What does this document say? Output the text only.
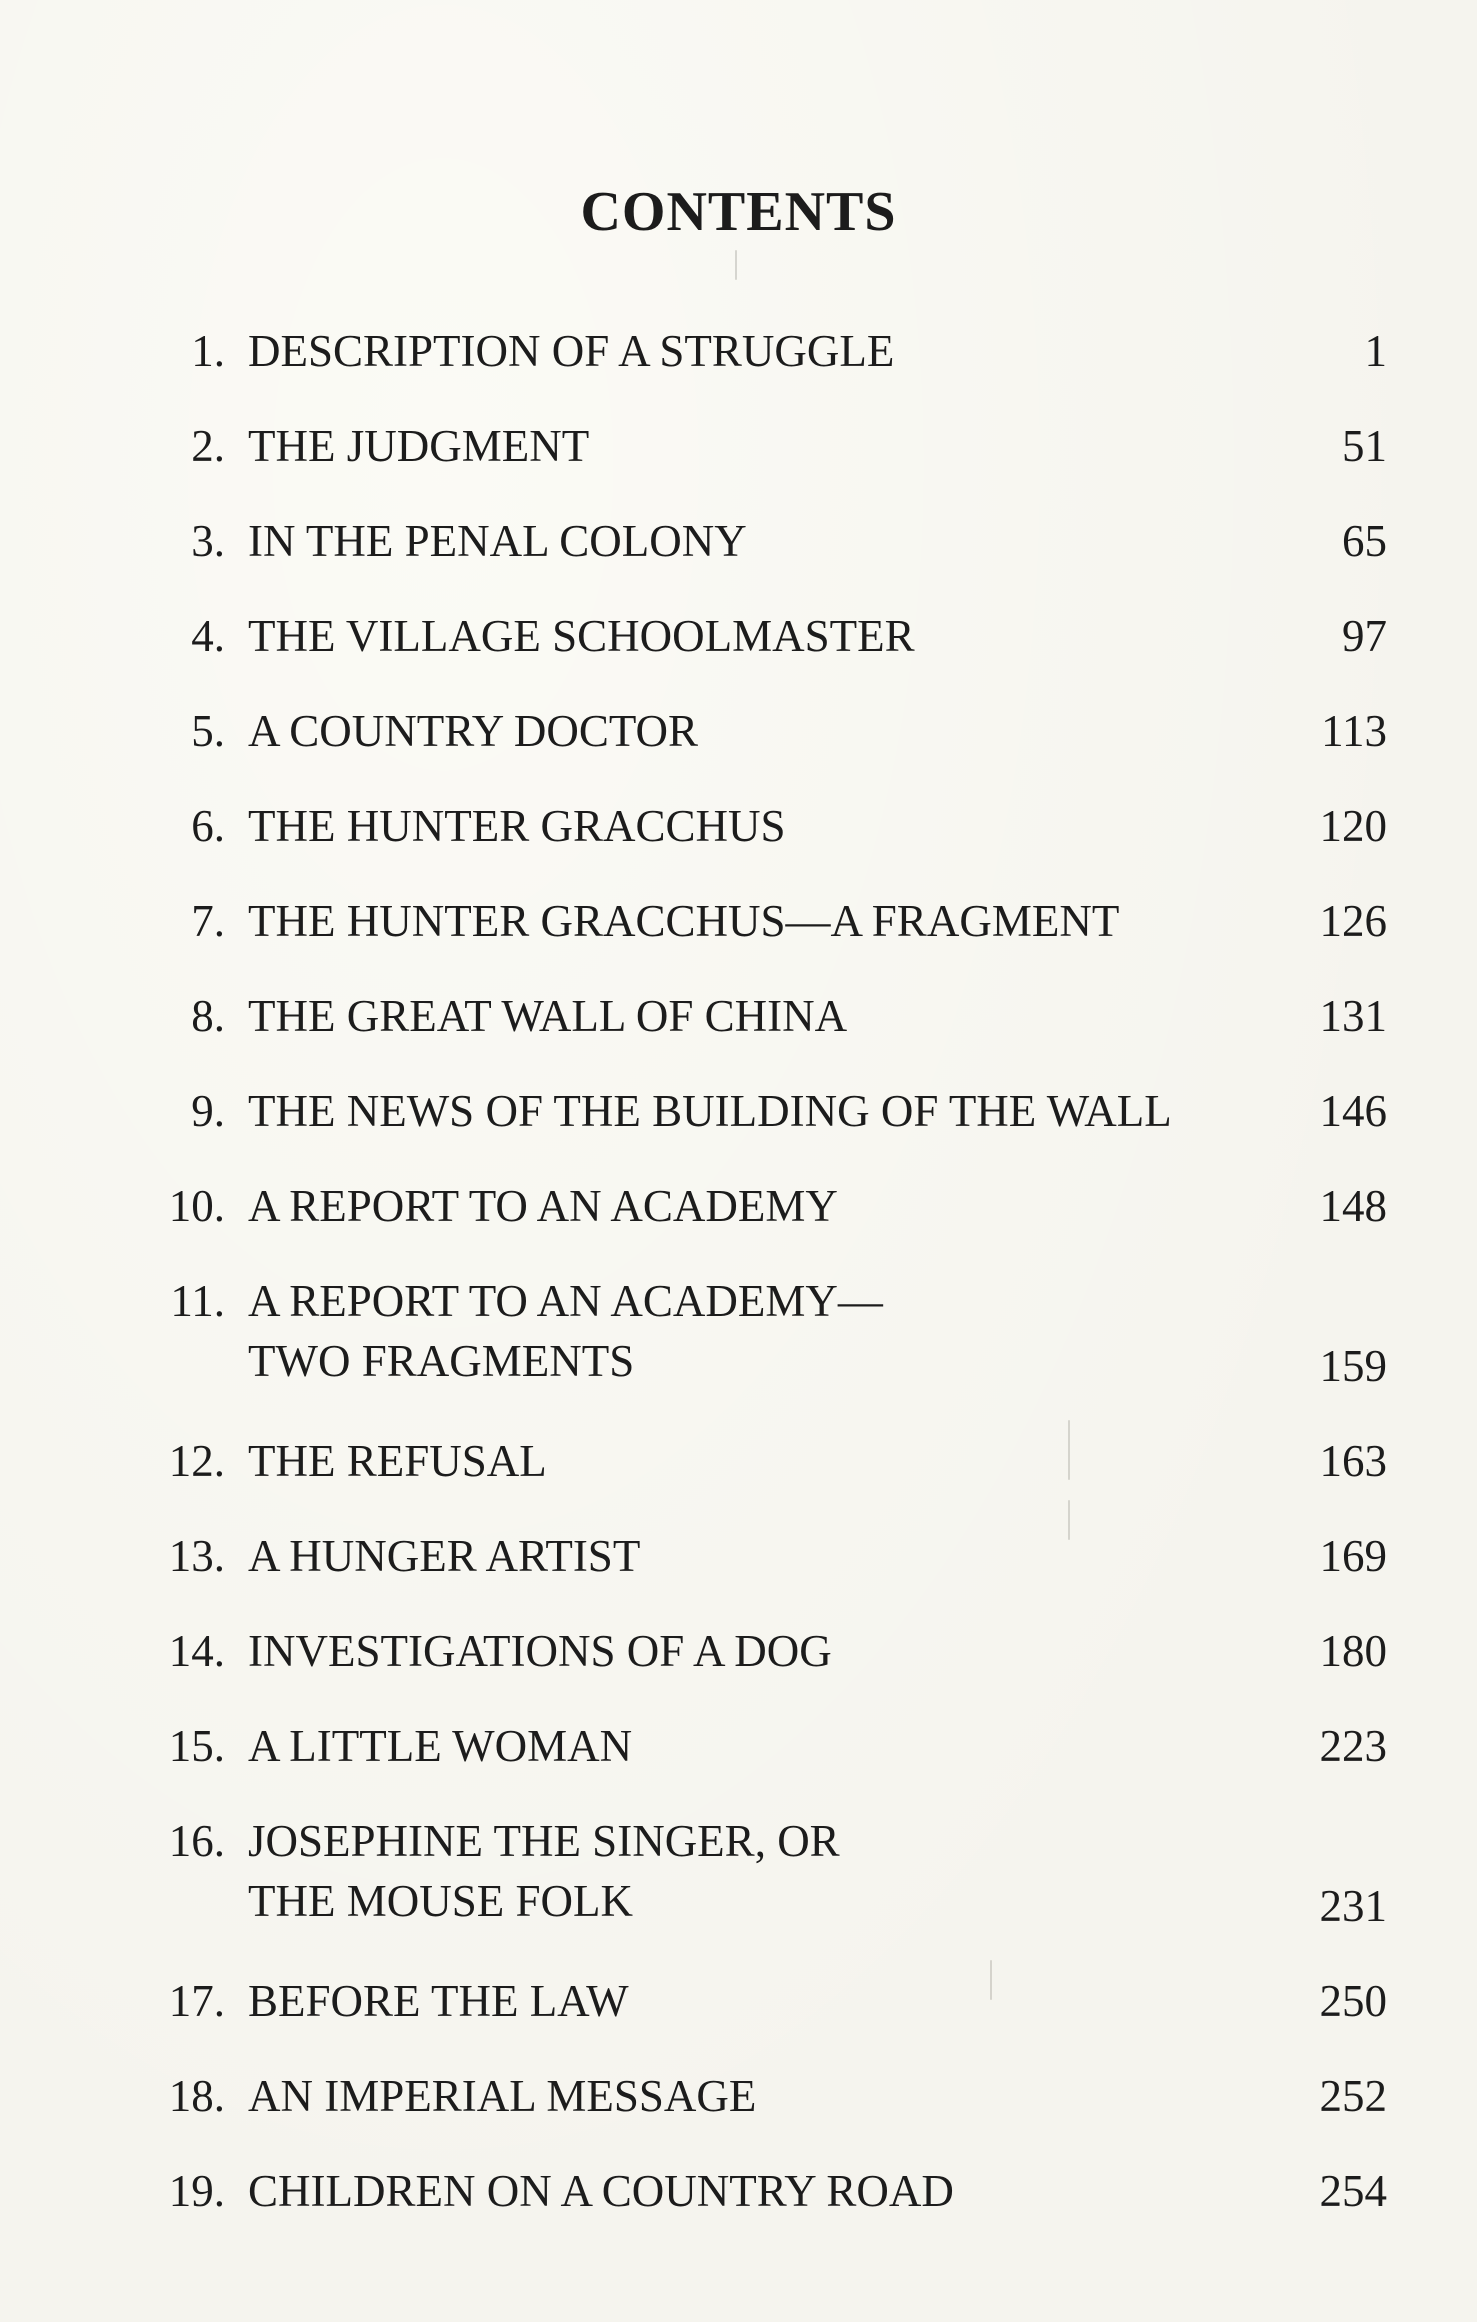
CONTENTS
1. DESCRIPTION OF A STRUGGLE	1
2. THE JUDGMENT	51
3. IN THE PENAL COLONY	65
4. THE VILLAGE SCHOOLMASTER	97
5. A COUNTRY DOCTOR	113
6. THE HUNTER GRACCHUS	120
7. THE HUNTER GRACCHUS—A FRAGMENT	126
8. THE GREAT WALL OF CHINA	131
9. THE NEWS OF THE BUILDING OF THE WALL	146
10. A REPORT TO AN ACADEMY	148
11. A REPORT TO AN ACADEMY—
TWO FRAGMENTS	159
12. THE REFUSAL	163
13. A HUNGER ARTIST	169
14. INVESTIGATIONS OF A DOG	180
15. A LITTLE WOMAN	223
16. JOSEPHINE THE SINGER, OR
THE MOUSE FOLK	231
17. BEFORE THE LAW	250
18. AN IMPERIAL MESSAGE	252
19. CHILDREN ON A COUNTRY ROAD	254
